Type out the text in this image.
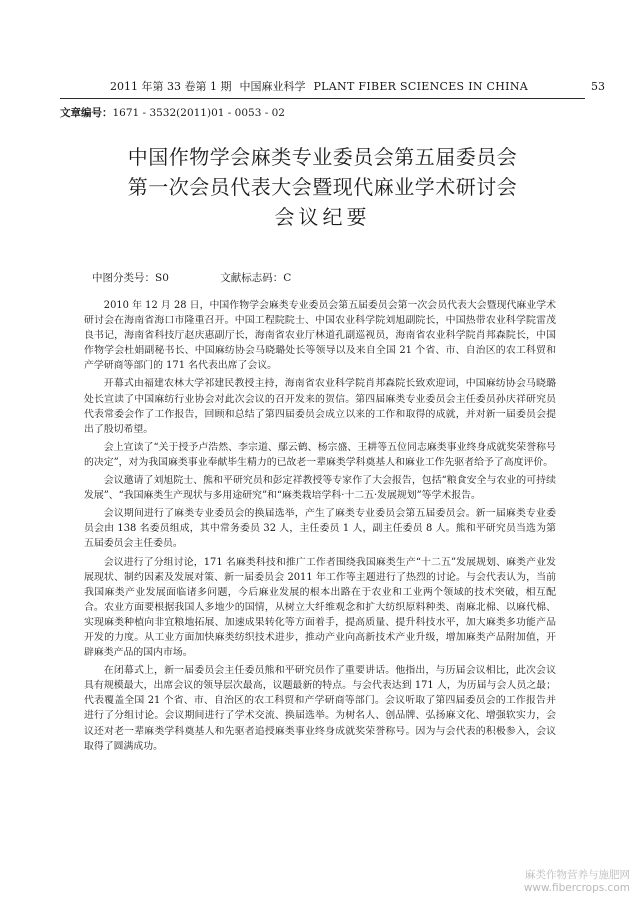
2011 年第 33 卷第 1 期 中国麻业科学 PLANT FIBER SCIENCES IN CHINA	53
文章编号：1671 - 3532(2011)01 - 0053 - 02
中国作物学会麻类专业委员会第五届委员会
第一次会员代表大会暨现代麻业学术研讨会
会议纪要
中图分类号：S0	文献标志码：C

2010 年 12 月 28 日，中国作物学会麻类专业委员会第五届委员会第一次会员代表大会暨现代麻业学术研讨会在海南省海口市隆重召开。中国工程院院士、中国农业科学院刘旭副院长，中国热带农业科学院雷茂良书记，海南省科技厅赵庆惠副厅长，海南省农业厅林道孔副巡视员，海南省农业科学院肖邦森院长，中国作物学会杜娟副秘书长、中国麻纺协会马晓璐处长等领导以及来自全国 21 个省、市、自治区的农工科贸和产学研商等部门的 171 名代表出席了会议。

开幕式由福建农林大学祁建民教授主持，海南省农业科学院肖邦森院长致欢迎词，中国麻纺协会马晓璐处长宣读了中国麻纺行业协会对此次会议的召开发来的贺信。第四届麻类专业委员会主任委员孙庆祥研究员代表常委会作了工作报告，回顾和总结了第四届委员会成立以来的工作和取得的成就，并对新一届委员会提出了殷切希望。

会上宣读了“关于授予卢浩然、李宗道、鄢云鹤、杨宗盛、王耕等五位同志麻类事业终身成就奖荣誉称号的决定”，对为我国麻类事业奉献毕生精力的已故老一辈麻类学科奠基人和麻业工作先驱者给予了高度评价。

会议邀请了刘旭院士、熊和平研究员和彭定祥教授等专家作了大会报告，包括“粮食安全与农业的可持续发展”、“我国麻类生产现状与多用途研究”和“麻类栽培学科·十二五·发展规划”等学术报告。

会议期间进行了麻类专业委员会的换届选举，产生了麻类专业委员会第五届委员会。新一届麻类专业委员会由 138 名委员组成，其中常务委员 32 人，主任委员 1 人，副主任委员 8 人。熊和平研究员当选为第五届委员会主任委员。

会议进行了分组讨论，171 名麻类科技和推广工作者围绕我国麻类生产“十二五”发展规划、麻类产业发展现状、制约因素及发展对策、新一届委员会 2011 年工作等主题进行了热烈的讨论。与会代表认为，当前我国麻类产业发展面临诸多问题，今后麻业发展的根本出路在于农业和工业两个领域的技术突破，相互配合。农业方面要根据我国人多地少的国情，从树立大纤维观念和扩大纺织原料种类、南麻北棉、以麻代棉、实现麻类种植向非宜粮地拓展、加速成果转化等方面着手，提高质量、提升科技水平，加大麻类多功能产品开发的力度。从工业方面加快麻类纺织技术进步，推动产业向高新技术产业升级，增加麻类产品附加值，开辟麻类产品的国内市场。

在闭幕式上，新一届委员会主任委员熊和平研究员作了重要讲话。他指出，与历届会议相比，此次会议具有规模最大，出席会议的领导层次最高，议题最新的特点。与会代表达到 171 人，为历届与会人员之最；代表覆盖全国 21 个省、市、自治区的农工科贸和产学研商等部门。会议听取了第四届委员会的工作报告并进行了分组讨论。会议期间进行了学术交流、换届选举。为树名人、创品牌、弘扬麻文化、增强软实力，会议还对老一辈麻类学科奠基人和先驱者追授麻类事业终身成就奖荣誉称号。因为与会代表的积极参入，会议取得了圆满成功。

麻类作物营养与施肥网
www.fibercrops.com
